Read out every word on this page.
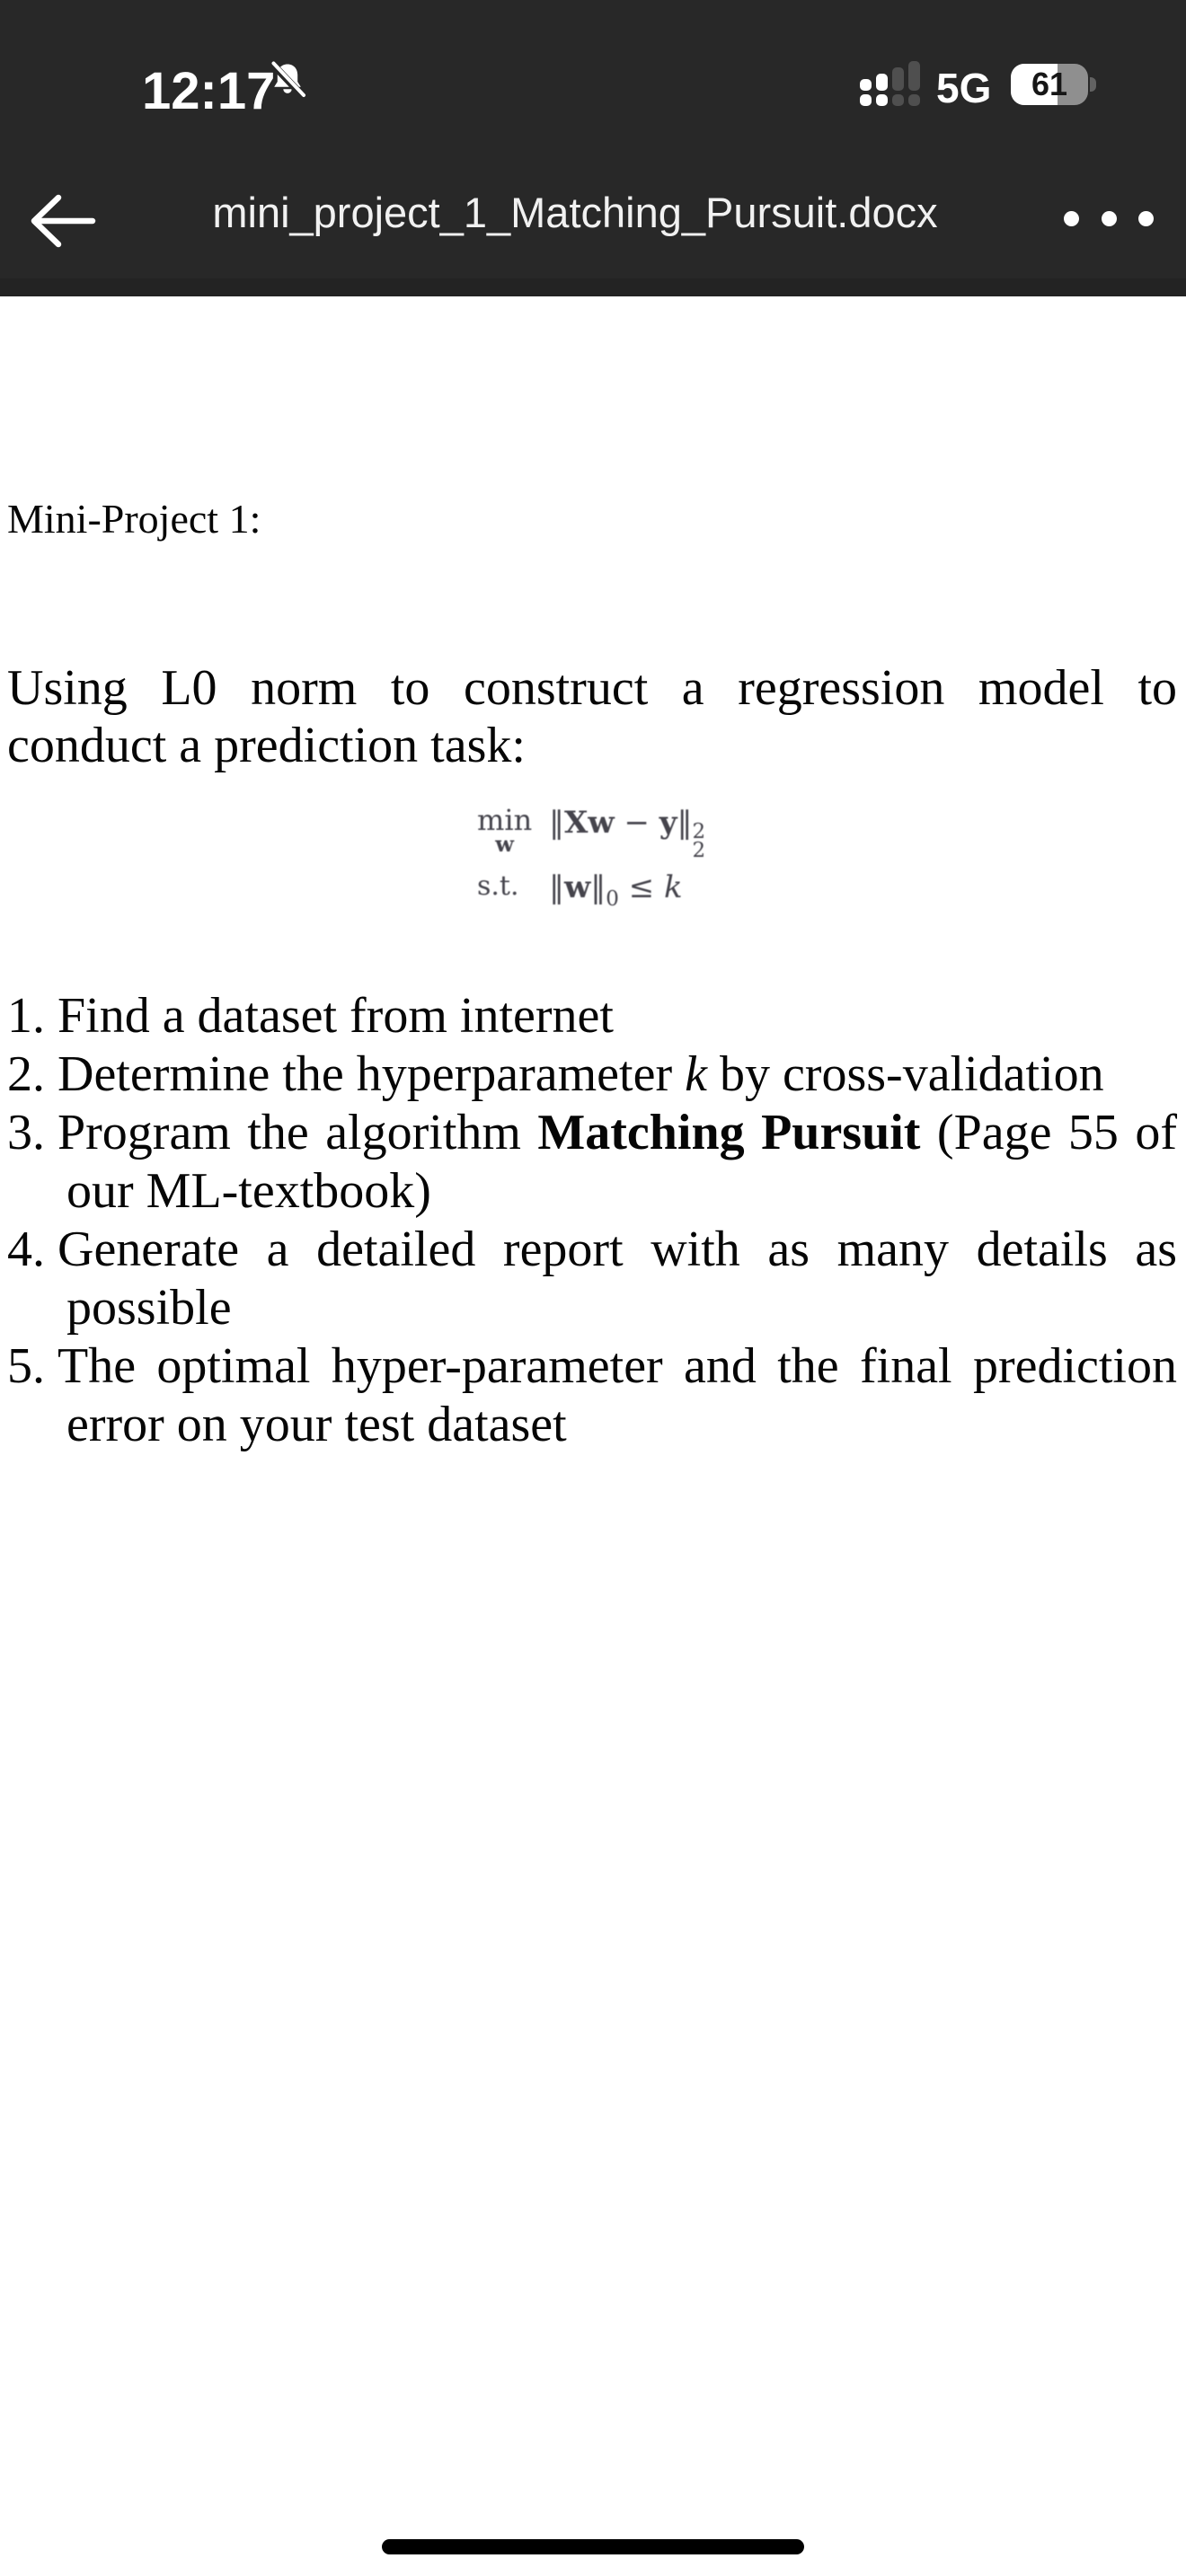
12:17	5G	61
mini_project_1_Matching_Pursuit.docx
Mini-Project 1:

Using L0 norm to construct a regression model to conduct a prediction task:

min
w
‖Xw − y‖ 2
2
s.t. $‖w‖_0 \le k$
1. Find a dataset from internet
2. Determine the hyperparameter k by cross-validation
3. Program the algorithm Matching Pursuit (Page 55 of our ML-textbook)
4. Generate a detailed report with as many details as possible
5. The optimal hyper-parameter and the final prediction error on your test dataset
